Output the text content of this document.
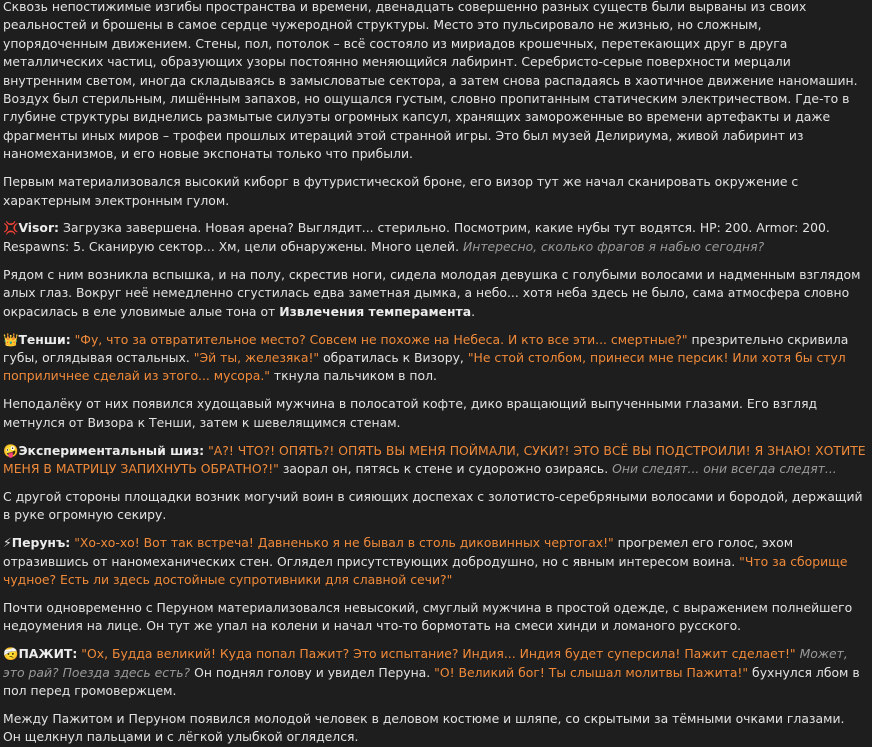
Сквозь непостижимые изгибы пространства и времени, двенадцать совершенно разных существ были вырваны из своих реальностей и брошены в самое сердце чужеродной структуры. Место это пульсировало не жизнью, но сложным, упорядоченным движением. Стены, пол, потолок – всё состояло из мириадов крошечных, перетекающих друг в друга металлических частиц, образующих узоры постоянно меняющийся лабиринт. Серебристо-серые поверхности мерцали внутренним светом, иногда складываясь в замысловатые сектора, а затем снова распадаясь в хаотичное движение наномашин. Воздух был стерильным, лишённым запахов, но ощущался густым, словно пропитанным статическим электричеством. Где-то в глубине структуры виднелись размытые силуэты огромных капсул, хранящих замороженные во времени артефакты и даже фрагменты иных миров – трофеи прошлых итераций этой странной игры. Это был музей Делириума, живой лабиринт из наномеханизмов, и его новые экспонаты только что прибыли.

Первым материализовался высокий киборг в футуристической броне, его визор тут же начал сканировать окружение с характерным электронным гулом.

💢Visor: Загрузка завершена. Новая арена? Выглядит... стерильно. Посмотрим, какие нубы тут водятся. HP: 200. Armor: 200. Respawns: 5. Сканирую сектор... Хм, цели обнаружены. Много целей. Интересно, сколько фрагов я набью сегодня?

Рядом с ним возникла вспышка, и на полу, скрестив ноги, сидела молодая девушка с голубыми волосами и надменным взглядом алых глаз. Вокруг неё немедленно сгустилась едва заметная дымка, а небо... хотя неба здесь не было, сама атмосфера словно окрасилась в еле уловимые алые тона от Извлечения темперамента.

👑Тенши: "Фу, что за отвратительное место? Совсем не похоже на Небеса. И кто все эти... смертные?" презрительно скривила губы, оглядывая остальных. "Эй ты, железяка!" обратилась к Визору, "Не стой столбом, принеси мне персик! Или хотя бы стул поприличнее сделай из этого... мусора." ткнула пальчиком в пол.

Неподалёку от них появился худощавый мужчина в полосатой кофте, дико вращающий выпученными глазами. Его взгляд метнулся от Визора к Тенши, затем к шевелящимся стенам.

🤪Экспериментальный шиз: "А?! ЧТО?! ОПЯТЬ?! ОПЯТЬ ВЫ МЕНЯ ПОЙМАЛИ, СУКИ?! ЭТО ВСЁ ВЫ ПОДСТРОИЛИ! Я ЗНАЮ! ХОТИТЕ МЕНЯ В МАТРИЦУ ЗАПИХНУТЬ ОБРАТНО?!" заорал он, пятясь к стене и судорожно озираясь. Они следят... они всегда следят...

С другой стороны площадки возник могучий воин в сияющих доспехах с золотисто-серебряными волосами и бородой, держащий в руке огромную секиру.

⚡Перунъ: "Хо-хо-хо! Вот так встреча! Давненько я не бывал в столь диковинных чертогах!" прогремел его голос, эхом отразившись от наномеханических стен. Оглядел присутствующих добродушно, но с явным интересом воина. "Что за сборище чудное? Есть ли здесь достойные супротивники для славной сечи?"

Почти одновременно с Перуном материализовался невысокий, смуглый мужчина в простой одежде, с выражением полнейшего недоумения на лице. Он тут же упал на колени и начал что-то бормотать на смеси хинди и ломаного русского.

🤕ПАЖИТ: "Ох, Будда великий! Куда попал Пажит? Это испытание? Индия... Индия будет суперсила! Пажит сделает!" Может, это рай? Поезда здесь есть? Он поднял голову и увидел Перуна. "О! Великий бог! Ты слышал молитвы Пажита!" бухнулся лбом в пол перед громовержцем.

Между Пажитом и Перуном появился молодой человек в деловом костюме и шляпе, со скрытыми за тёмными очками глазами. Он щелкнул пальцами и с лёгкой улыбкой огляделся.
